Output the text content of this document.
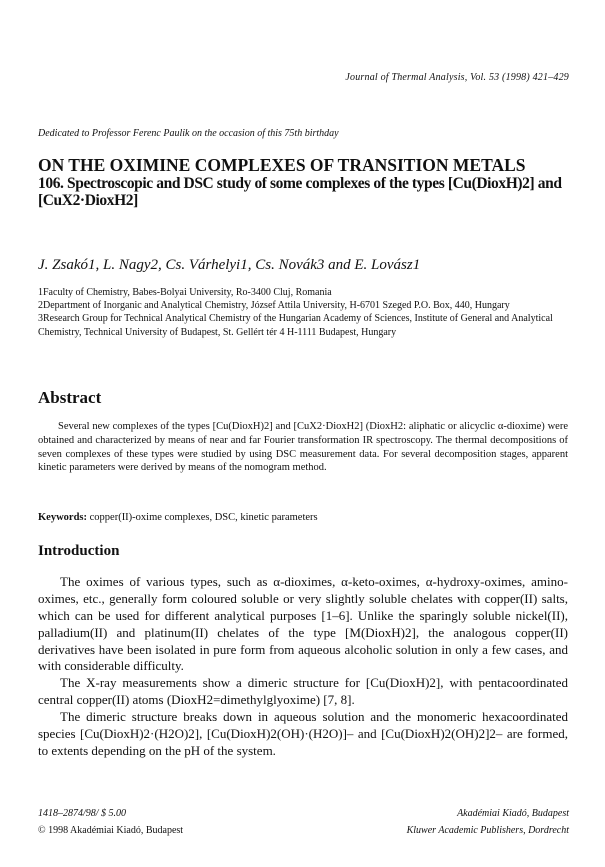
Journal of Thermal Analysis, Vol. 53 (1998) 421–429
Dedicated to Professor Ferenc Paulik on the occasion of this 75th birthday
ON THE OXIMINE COMPLEXES OF TRANSITION METALS
106. Spectroscopic and DSC study of some complexes of the types [Cu(DioxH)2] and [CuX2·DioxH2]
J. Zsakó1, L. Nagy2, Cs. Várhelyi1, Cs. Novák3 and E. Lovász1
1Faculty of Chemistry, Babes-Bolyai University, Ro-3400 Cluj, Romania
2Department of Inorganic and Analytical Chemistry, József Attila University, H-6701 Szeged P.O. Box, 440, Hungary
3Research Group for Technical Analytical Chemistry of the Hungarian Academy of Sciences, Institute of General and Analytical Chemistry, Technical University of Budapest, St. Gellért tér 4 H-1111 Budapest, Hungary
Abstract
Several new complexes of the types [Cu(DioxH)2] and [CuX2·DioxH2] (DioxH2: aliphatic or alicyclic α-dioxime) were obtained and characterized by means of near and far Fourier transformation IR spectroscopy. The thermal decompositions of seven complexes of these types were studied by using DSC measurement data. For several decomposition stages, apparent kinetic parameters were derived by means of the nomogram method.
Keywords: copper(II)-oxime complexes, DSC, kinetic parameters
Introduction

The oximes of various types, such as α-dioximes, α-keto-oximes, α-hydroxy-oximes, amino-oximes, etc., generally form coloured soluble or very slightly soluble chelates with copper(II) salts, which can be used for different analytical purposes [1–6]. Unlike the sparingly soluble nickel(II), palladium(II) and platinum(II) chelates of the type [M(DioxH)2], the analogous copper(II) derivatives have been isolated in pure form from aqueous alcoholic solution in only a few cases, and with considerable difficulty.

The X-ray measurements show a dimeric structure for [Cu(DioxH)2], with pentacoordinated central copper(II) atoms (DioxH2=dimethylglyoxime) [7, 8].

The dimeric structure breaks down in aqueous solution and the monomeric hexacoordinated species [Cu(DioxH)2·(H2O)2], [Cu(DioxH)2(OH)·(H2O)]– and [Cu(DioxH)2(OH)2]2– are formed, to extents depending on the pH of the system.

1418–2874/98/ $ 5.00
© 1998 Akadémiai Kiadó, Budapest
Akadémiai Kiadó, Budapest
Kluwer Academic Publishers, Dordrecht
